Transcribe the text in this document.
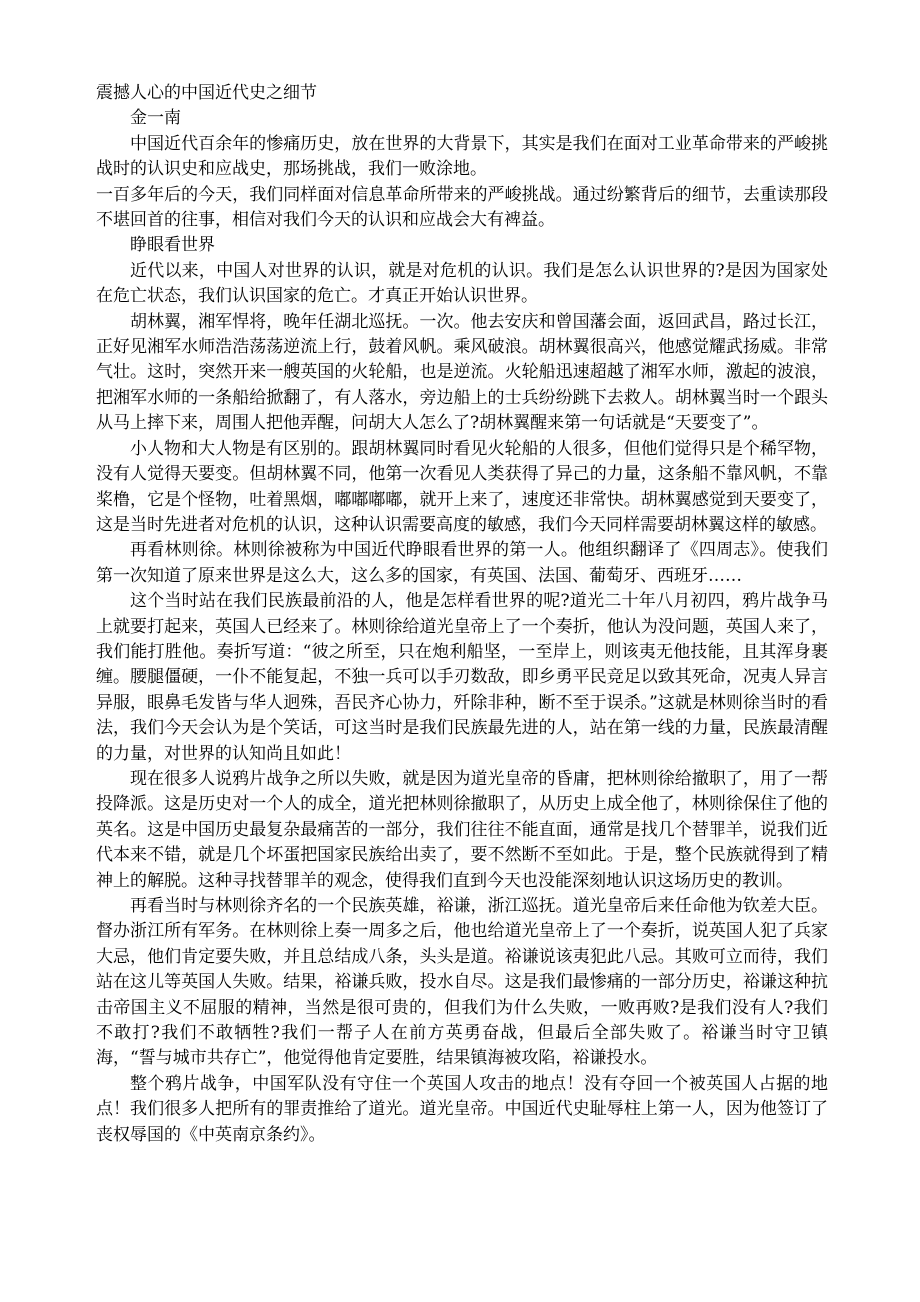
震撼人心的中国近代史之细节

金一南

中国近代百余年的惨痛历史，放在世界的大背景下，其实是我们在面对工业革命带来的严峻挑战时的认识史和应战史，那场挑战，我们一败涂地。

一百多年后的今天，我们同样面对信息革命所带来的严峻挑战。通过纷繁背后的细节，去重读那段不堪回首的往事，相信对我们今天的认识和应战会大有裨益。

睁眼看世界

近代以来，中国人对世界的认识，就是对危机的认识。我们是怎么认识世界的?是因为国家处在危亡状态，我们认识国家的危亡。才真正开始认识世界。

胡林翼，湘军悍将，晚年任湖北巡抚。一次。他去安庆和曾国藩会面，返回武昌，路过长江，正好见湘军水师浩浩荡荡逆流上行，鼓着风帆。乘风破浪。胡林翼很高兴，他感觉耀武扬威。非常气壮。这时，突然开来一艘英国的火轮船，也是逆流。火轮船迅速超越了湘军水师，激起的波浪，把湘军水师的一条船给掀翻了，有人落水，旁边船上的士兵纷纷跳下去救人。胡林翼当时一个跟头从马上摔下来，周围人把他弄醒，问胡大人怎么了?胡林翼醒来第一句话就是“天要变了”。

小人物和大人物是有区别的。跟胡林翼同时看见火轮船的人很多，但他们觉得只是个稀罕物，没有人觉得天要变。但胡林翼不同，他第一次看见人类获得了异己的力量，这条船不靠风帆，不靠桨橹，它是个怪物，吐着黑烟，嘟嘟嘟嘟，就开上来了，速度还非常快。胡林翼感觉到天要变了，这是当时先进者对危机的认识，这种认识需要高度的敏感，我们今天同样需要胡林翼这样的敏感。

再看林则徐。林则徐被称为中国近代睁眼看世界的第一人。他组织翻译了《四周志》。使我们第一次知道了原来世界是这么大，这么多的国家，有英国、法国、葡萄牙、西班牙……

这个当时站在我们民族最前沿的人，他是怎样看世界的呢?道光二十年八月初四，鸦片战争马上就要打起来，英国人已经来了。林则徐给道光皇帝上了一个奏折，他认为没问题，英国人来了，我们能打胜他。奏折写道：“彼之所至，只在炮利船坚，一至岸上，则该夷无他技能，且其浑身裹缠。腰腿僵硬，一仆不能复起，不独一兵可以手刃数敌，即乡勇平民竞足以致其死命，况夷人异言异服，眼鼻毛发皆与华人迥殊，吾民齐心协力，歼除非种，断不至于误杀。”这就是林则徐当时的看法，我们今天会认为是个笑话，可这当时是我们民族最先进的人，站在第一线的力量，民族最清醒的力量，对世界的认知尚且如此！

现在很多人说鸦片战争之所以失败，就是因为道光皇帝的昏庸，把林则徐给撤职了，用了一帮投降派。这是历史对一个人的成全，道光把林则徐撤职了，从历史上成全他了，林则徐保住了他的英名。这是中国历史最复杂最痛苦的一部分，我们往往不能直面，通常是找几个替罪羊，说我们近代本来不错，就是几个坏蛋把国家民族给出卖了，要不然断不至如此。于是，整个民族就得到了精神上的解脱。这种寻找替罪羊的观念，使得我们直到今天也没能深刻地认识这场历史的教训。

再看当时与林则徐齐名的一个民族英雄，裕谦，浙江巡抚。道光皇帝后来任命他为钦差大臣。督办浙江所有军务。在林则徐上奏一周多之后，他也给道光皇帝上了一个奏折，说英国人犯了兵家大忌，他们肯定要失败，并且总结成八条，头头是道。裕谦说该夷犯此八忌。其败可立而待，我们站在这儿等英国人失败。结果，裕谦兵败，投水自尽。这是我们最惨痛的一部分历史，裕谦这种抗击帝国主义不屈服的精神，当然是很可贵的，但我们为什么失败，一败再败?是我们没有人?我们不敢打?我们不敢牺牲?我们一帮子人在前方英勇奋战，但最后全部失败了。裕谦当时守卫镇海，“誓与城市共存亡”，他觉得他肯定要胜，结果镇海被攻陷，裕谦投水。

整个鸦片战争，中国军队没有守住一个英国人攻击的地点！没有夺回一个被英国人占据的地点！我们很多人把所有的罪责推给了道光。道光皇帝。中国近代史耻辱柱上第一人，因为他签订了丧权辱国的《中英南京条约》。
